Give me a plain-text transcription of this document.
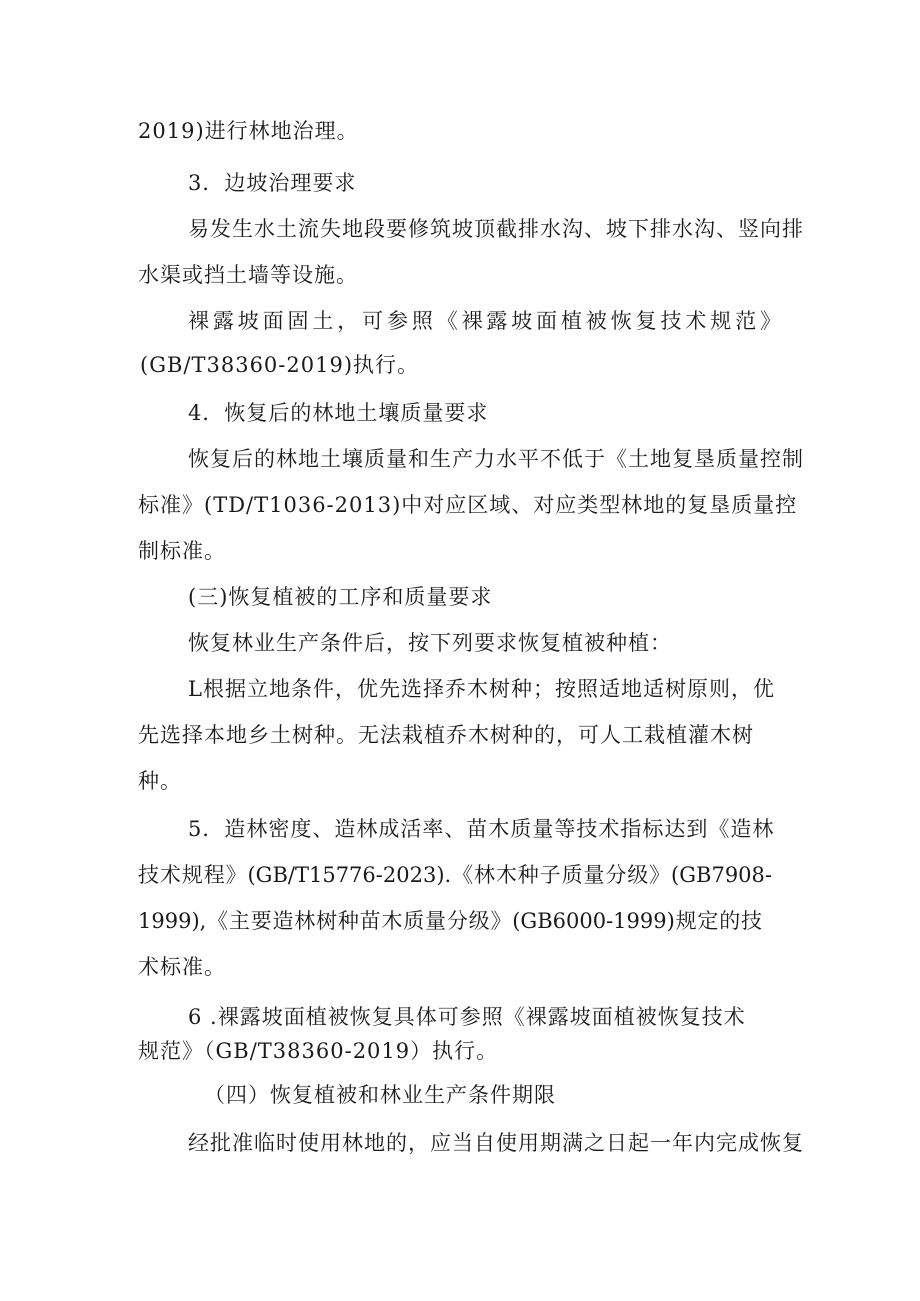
2019)进行林地治理。
3．边坡治理要求
易发生水土流失地段要修筑坡顶截排水沟、坡下排水沟、竖向排
水渠或挡土墙等设施。
裸露坡面固土，可参照《裸露坡面植被恢复技术规范》
(GB/T38360-2019)执行。
4．恢复后的林地土壤质量要求
恢复后的林地土壤质量和生产力水平不低于《土地复垦质量控制
标准》(TD/T1036-2013)中对应区域、对应类型林地的复垦质量控
制标准。
(三)恢复植被的工序和质量要求
恢复林业生产条件后，按下列要求恢复植被种植：
L根据立地条件，优先选择乔木树种；按照适地适树原则，优
先选择本地乡土树种。无法栽植乔木树种的，可人工栽植灌木树
种。
5．造林密度、造林成活率、苗木质量等技术指标达到《造林
技术规程》(GB/T15776-2023).《林木种子质量分级》(GB7908-
1999),《主要造林树种苗木质量分级》(GB6000-1999)规定的技
术标准。
6 .裸露坡面植被恢复具体可参照《裸露坡面植被恢复技术
规范》（GB/T38360-2019）执行。
（四）恢复植被和林业生产条件期限
经批准临时使用林地的，应当自使用期满之日起一年内完成恢复
